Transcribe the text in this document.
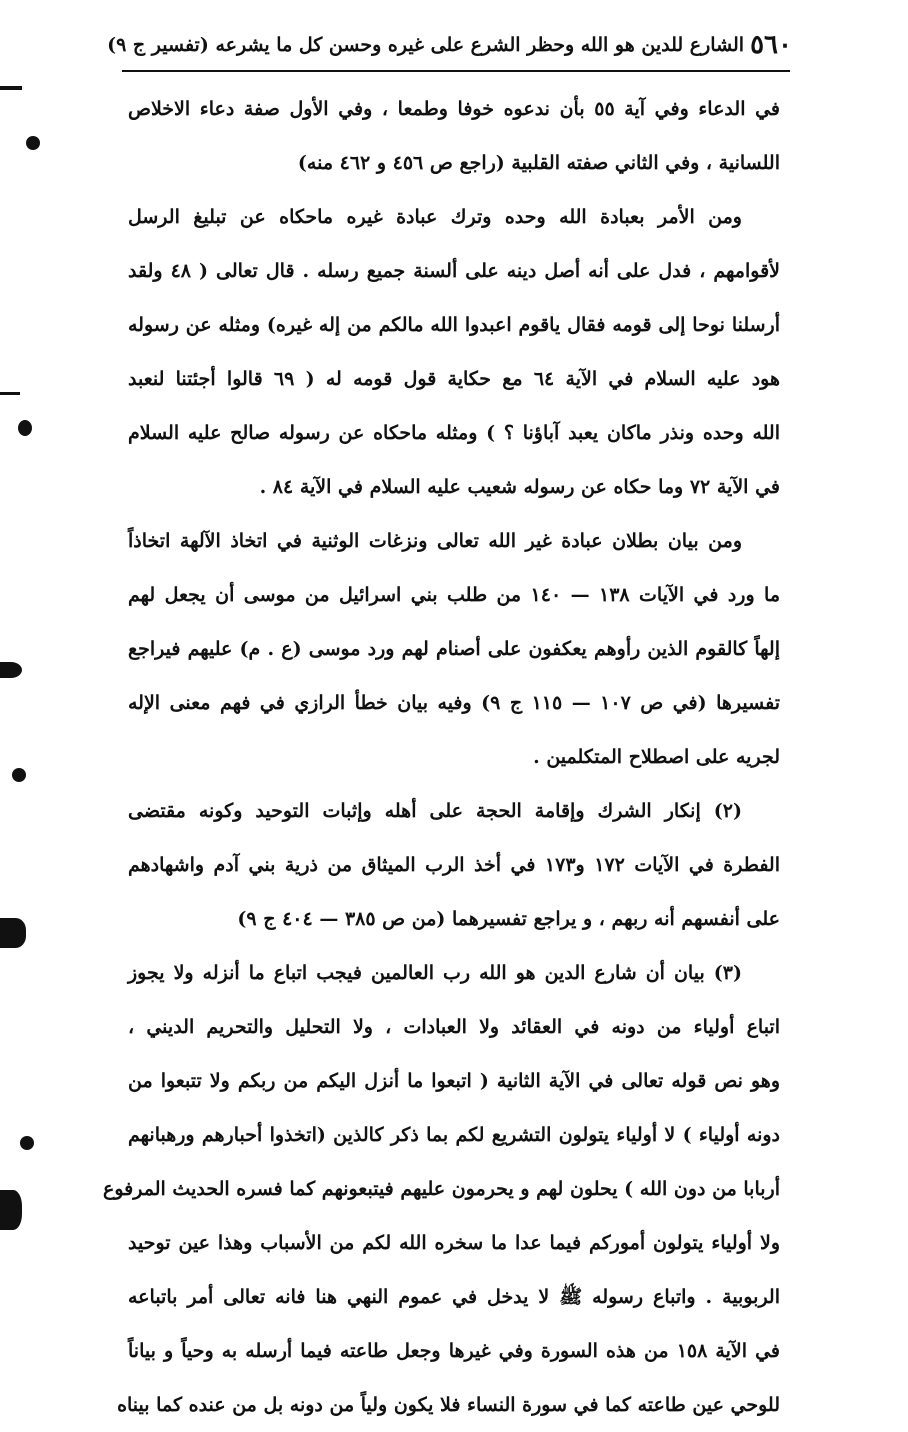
٥٦٠
الشارع للدين هو الله وحظر الشرع على غيره وحسن كل ما يشرعه (تفسير ج ٩)
في الدعاء وفي آية ٥٥ بأن ندعوه خوفا وطمعا ، وفي الأول صفة دعاء الاخلاص
اللسانية ، وفي الثاني صفته القلبية (راجع ص ٤٥٦ و ٤٦٢ منه)
ومن الأمر بعبادة الله وحده وترك عبادة غيره ماحكاه عن تبليغ الرسل
لأقوامهم ، فدل على أنه أصل دينه على ألسنة جميع رسله . قال تعالى ( ٤٨ ولقد
أرسلنا نوحا إلى قومه فقال ياقوم اعبدوا الله مالكم من إله غيره) ومثله عن رسوله
هود عليه السلام في الآية ٦٤ مع حكاية قول قومه له ( ٦٩ قالوا أجئتنا لنعبد
الله وحده ونذر ماكان يعبد آباؤنا ؟ ) ومثله ماحكاه عن رسوله صالح عليه السلام
في الآية ٧٢ وما حكاه عن رسوله شعيب عليه السلام في الآية ٨٤ .
ومن بيان بطلان عبادة غير الله تعالى ونزغات الوثنية في اتخاذ الآلهة اتخاذاً
ما ورد في الآيات ١٣٨ — ١٤٠ من طلب بني اسرائيل من موسى أن يجعل لهم
إلهاً كالقوم الذين رأوهم يعكفون على أصنام لهم ورد موسى (ع . م) عليهم فيراجع
تفسيرها (في ص ١٠٧ — ١١٥ ج ٩) وفيه بيان خطأ الرازي في فهم معنى الإله
لجريه على اصطلاح المتكلمين .
(٢) إنكار الشرك وإقامة الحجة على أهله وإثبات التوحيد وكونه مقتضى
الفطرة في الآيات ١٧٢ و١٧٣ في أخذ الرب الميثاق من ذرية بني آدم واشهادهم
على أنفسهم أنه ربهم ، و يراجع تفسيرهما (من ص ٣٨٥ — ٤٠٤ ج ٩)
(٣) بيان أن شارع الدين هو الله رب العالمين فيجب اتباع ما أنزله ولا يجوز
اتباع أولياء من دونه في العقائد ولا العبادات ، ولا التحليل والتحريم الديني ،
وهو نص قوله تعالى في الآية الثانية ( اتبعوا ما أنزل اليكم من ربكم ولا تتبعوا من
دونه أولياء ) لا أولياء يتولون التشريع لكم بما ذكر كالذين (اتخذوا أحبارهم ورهبانهم
أربابا من دون الله ) يحلون لهم و يحرمون عليهم فيتبعونهم كما فسره الحديث المرفوع
ولا أولياء يتولون أموركم فيما عدا ما سخره الله لكم من الأسباب وهذا عين توحيد
الربوبية . واتباع رسوله ﷺ لا يدخل في عموم النهي هنا فانه تعالى أمر باتباعه
في الآية ١٥٨ من هذه السورة وفي غيرها وجعل طاعته فيما أرسله به وحياً و بياناً
للوحي عين طاعته كما في سورة النساء فلا يكون ولياً من دونه بل من عنده كما بيناه
